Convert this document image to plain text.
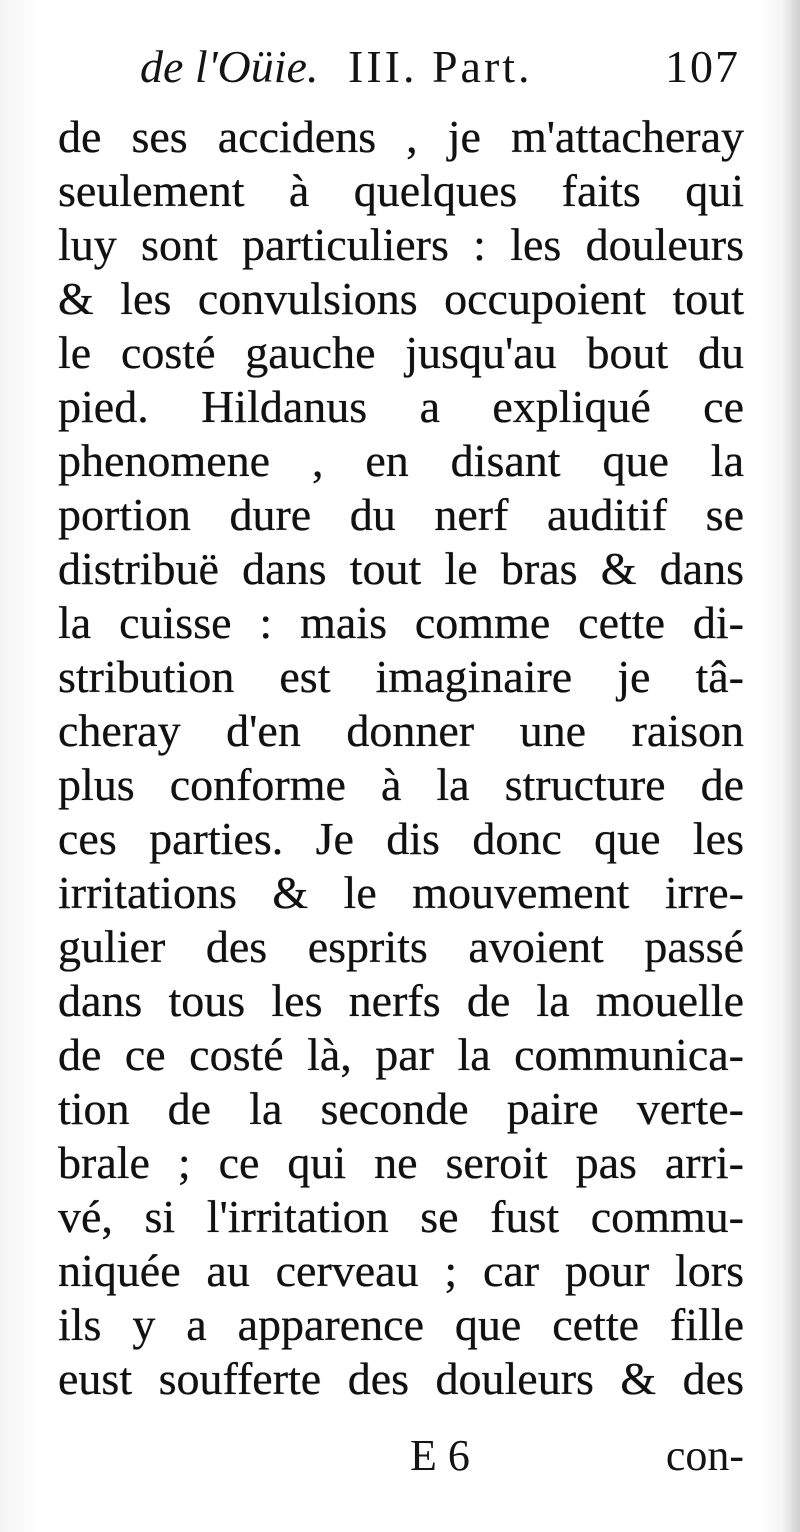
de l'Oüie. III. Part.	107
de ses accidens , je m'attacheray
seulement à quelques faits qui
luy sont particuliers : les douleurs
& les convulsions occupoient tout
le costé gauche jusqu'au bout du
pied. Hildanus a expliqué ce
phenomene , en disant que la
portion dure du nerf auditif se
distribuë dans tout le bras & dans
la cuisse : mais comme cette di-
stribution est imaginaire je tâ-
cheray d'en donner une raison
plus conforme à la structure de
ces parties. Je dis donc que les
irritations & le mouvement irre-
gulier des esprits avoient passé
dans tous les nerfs de la mouelle
de ce costé là, par la communica-
tion de la seconde paire verte-
brale ; ce qui ne seroit pas arri-
vé, si l'irritation se fust commu-
niquée au cerveau ; car pour lors
ils y a apparence que cette fille
eust soufferte des douleurs & des
E 6	con-
